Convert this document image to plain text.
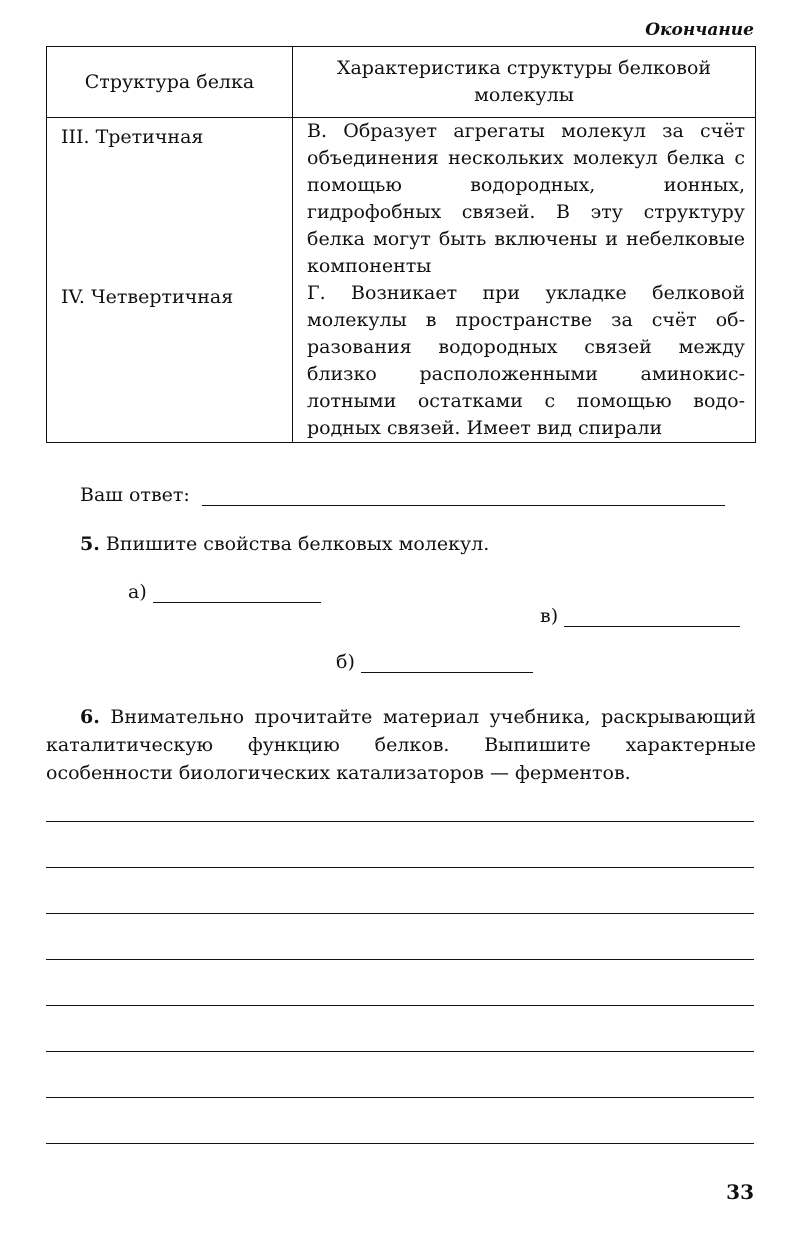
Окончание
Структура белка	Характеристика структуры белковой молекулы
III. Третичная	В. Образует агрегаты молекул за счёт объединения нескольких молекул белка с помощью водородных, ионных, гидрофобных связей. В эту структуру белка могут быть включены и небелковые компоненты
IV. Четвертичная	Г. Возникает при укладке белковой молекулы в пространстве за счёт образования водородных связей между близко расположенными аминокислотными остатками с помощью водородных связей. Имеет вид спирали
Ваш ответ:
5. Впишите свойства белковых молекул.
а)
в)
б)
6. Внимательно прочитайте материал учебника, раскрывающий каталитическую функцию белков. Выпишите характерные особенности биологических катализаторов — ферментов.
33
